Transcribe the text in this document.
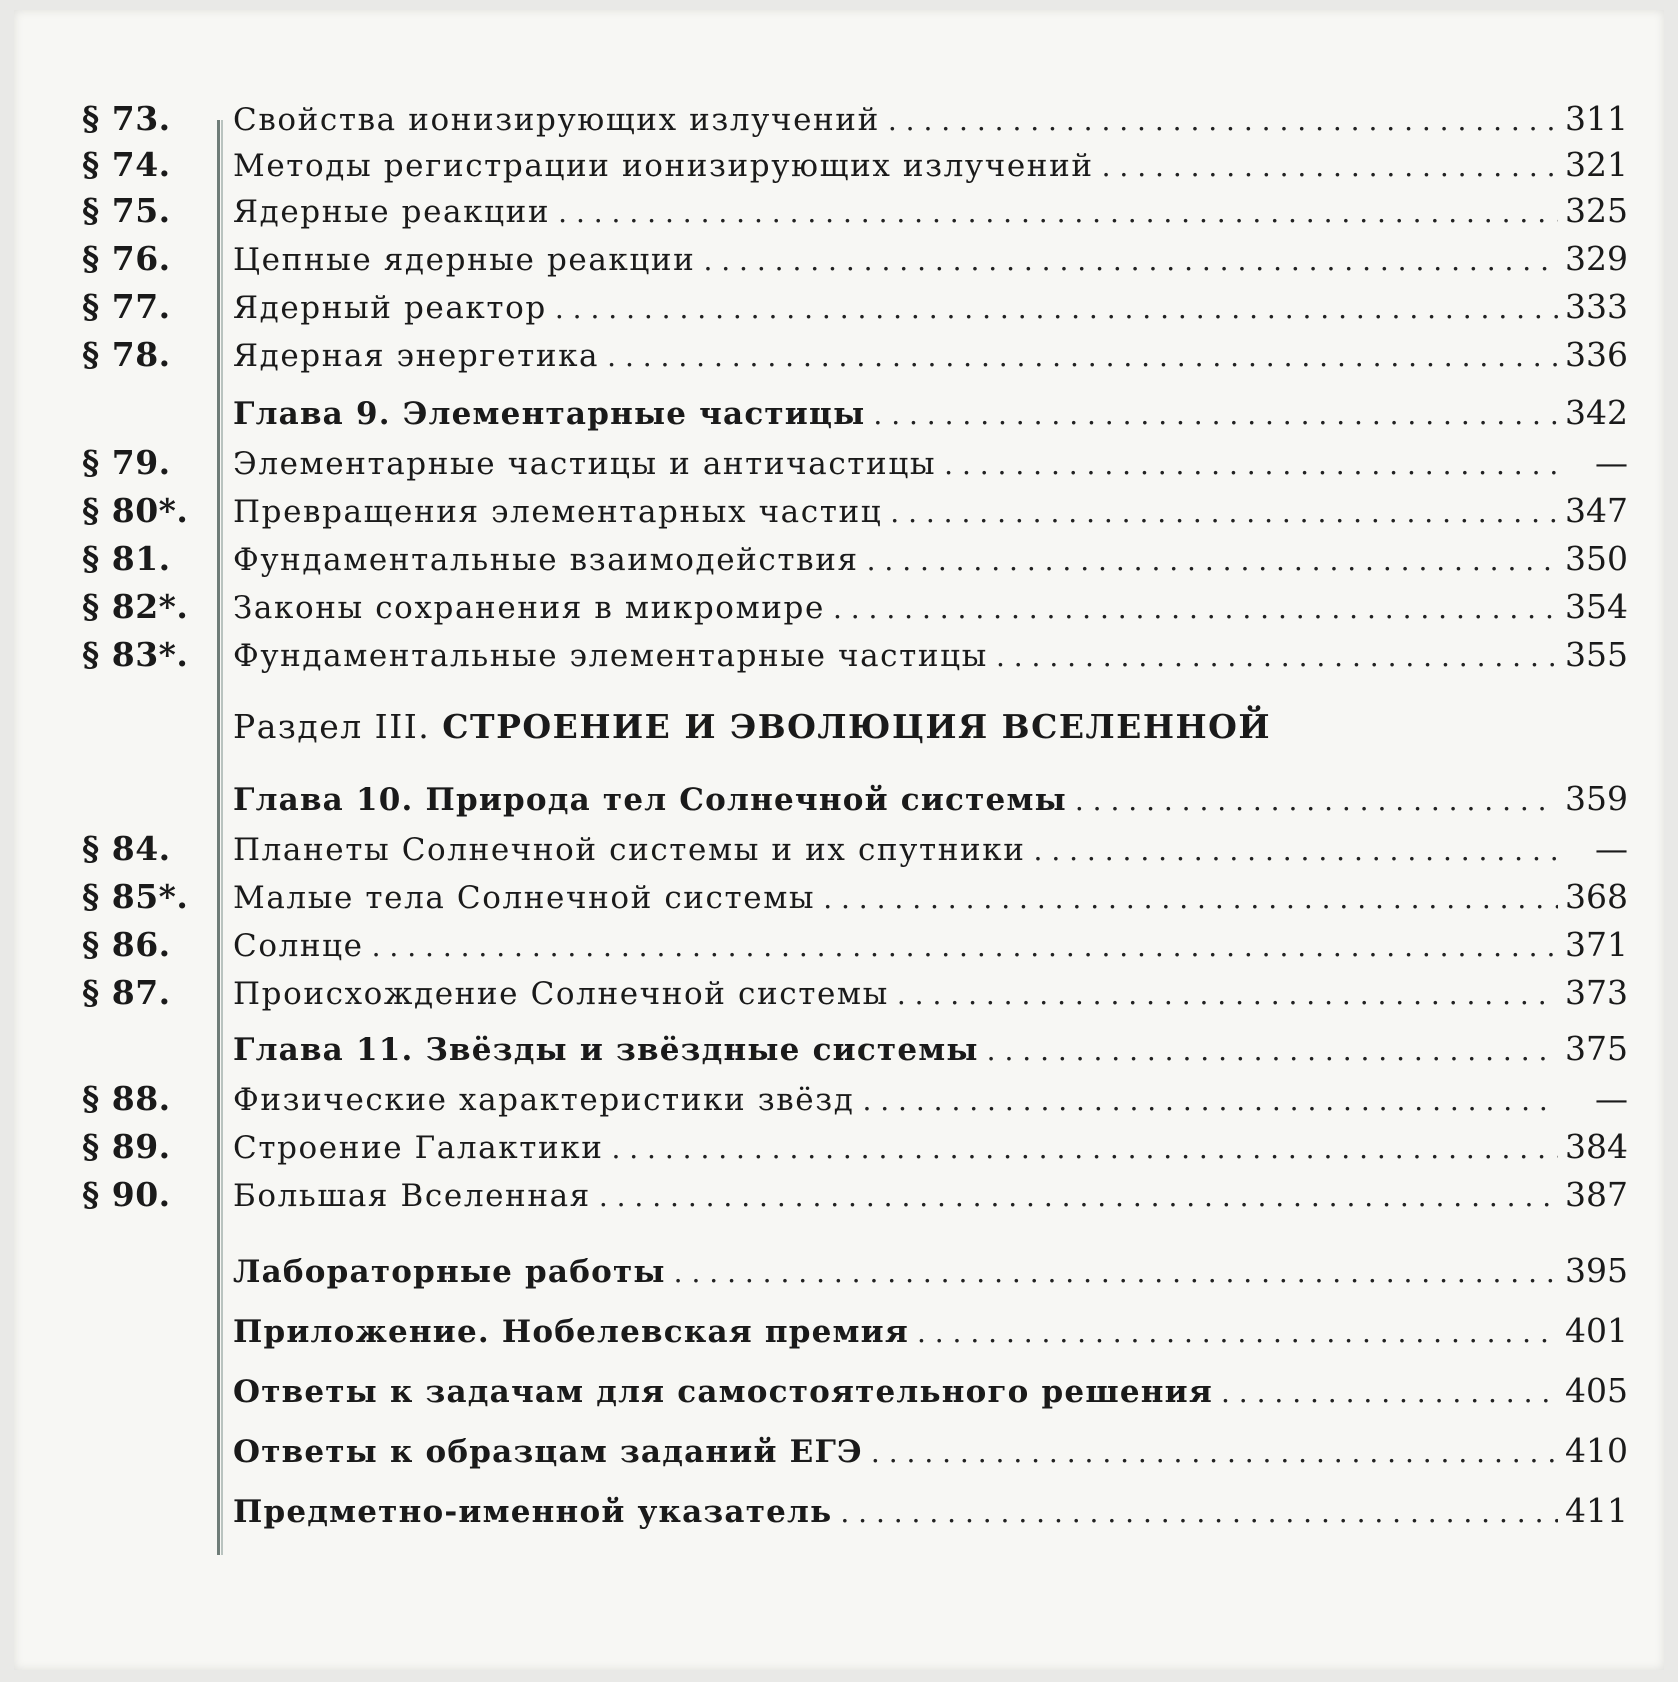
§ 73. Свойства ионизирующих излучений . . .	311
§ 74. Методы регистрации ионизирующих излучений . . .	321
§ 75. Ядерные реакции . . .	325
§ 76. Цепные ядерные реакции . . .	329
§ 77. Ядерный реактор . . .	333
§ 78. Ядерная энергетика . . .	336
Глава 9. Элементарные частицы . . .	342
§ 79. Элементарные частицы и античастицы . . .	—
§ 80*. Превращения элементарных частиц . . .	347
§ 81. Фундаментальные взаимодействия . . .	350
§ 82*. Законы сохранения в микромире . . .	354
§ 83*. Фундаментальные элементарные частицы . . .	355
Раздел III. СТРОЕНИЕ И ЭВОЛЮЦИЯ ВСЕЛЕННОЙ
Глава 10. Природа тел Солнечной системы . . .	359
§ 84. Планеты Солнечной системы и их спутники . . .	—
§ 85*. Малые тела Солнечной системы . . .	368
§ 86. Солнце . . .	371
§ 87. Происхождение Солнечной системы . . .	373
Глава 11. Звёзды и звёздные системы . . .	375
§ 88. Физические характеристики звёзд . . .	—
§ 89. Строение Галактики . . .	384
§ 90. Большая Вселенная . . .	387
Лабораторные работы . . .	395
Приложение. Нобелевская премия . . .	401
Ответы к задачам для самостоятельного решения . . .	405
Ответы к образцам заданий ЕГЭ . . .	410
Предметно-именной указатель . . .	411
